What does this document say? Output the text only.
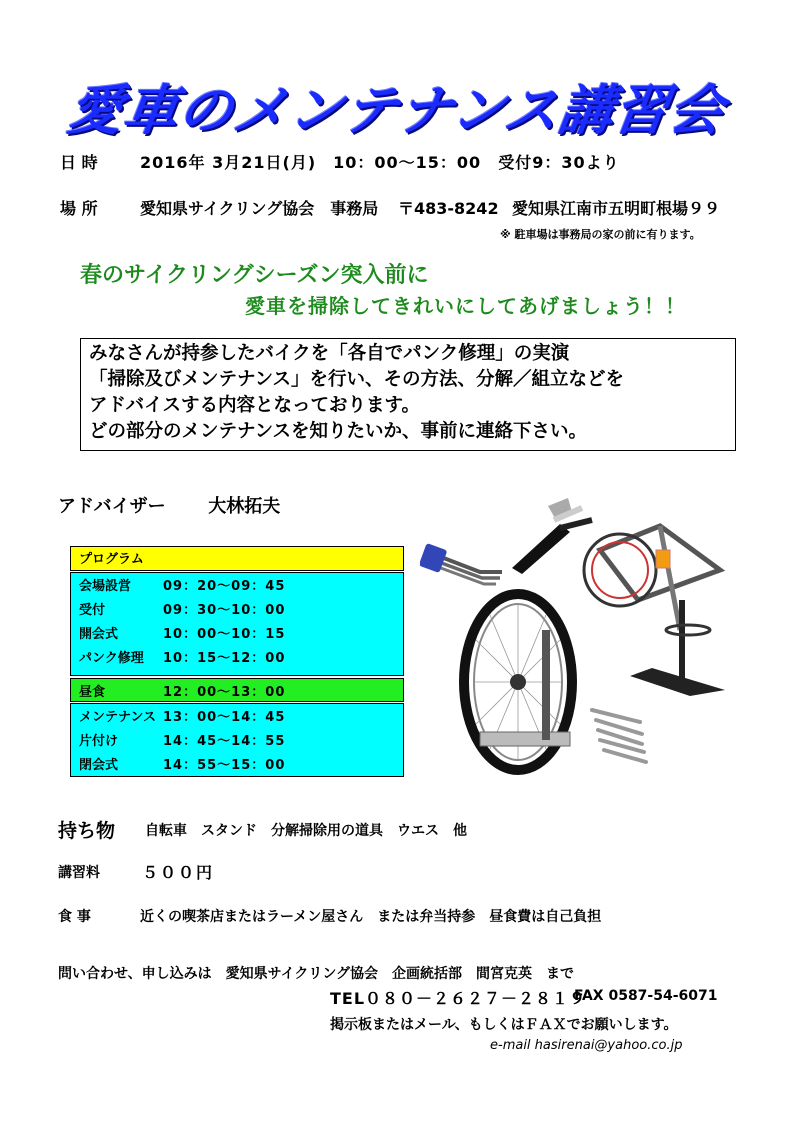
愛車のメンテナンス講習会
日 時	2016年 3月21日(月)　10：00～15：00　受付9：30より
場 所	愛知県サイクリング協会　事務局 〒483-8242 愛知県江南市五明町根場９９
※ 駐車場は事務局の家の前に有ります。
春のサイクリングシーズン突入前に
愛車を掃除してきれいにしてあげましょう！！
みなさんが持参したバイクを「各自でパンク修理」の実演
「掃除及びメンテナンス」を行い、その方法、分解／組立などを
アドバイスする内容となっております。
どの部分のメンテナンスを知りたいか、事前に連絡下さい。
アドバイザー 大林拓夫
プログラム
会場設営 09：20～09：45
受付	09：30～10：00
開会式	10：00～10：15
パンク修理 10：15～12：00
昼食	12：00～13：00
メンテナンス 13：00～14：45
片付け	14：45～14：55
閉会式	14：55～15：00
持ち物 自転車　スタンド　分解掃除用の道具　ウエス　他
講習料	５００円
食 事	近くの喫茶店またはラーメン屋さん　または弁当持参　昼食費は自己負担
問い合わせ、申し込みは　愛知県サイクリング協会　企画統括部　間宮克英　まで
TEL０８０－２６２７－２８１９
FAX 0587-54-6071
掲示板またはメール、もしくはＦＡＸでお願いします。
e-mail hasirenai@yahoo.co.jp
